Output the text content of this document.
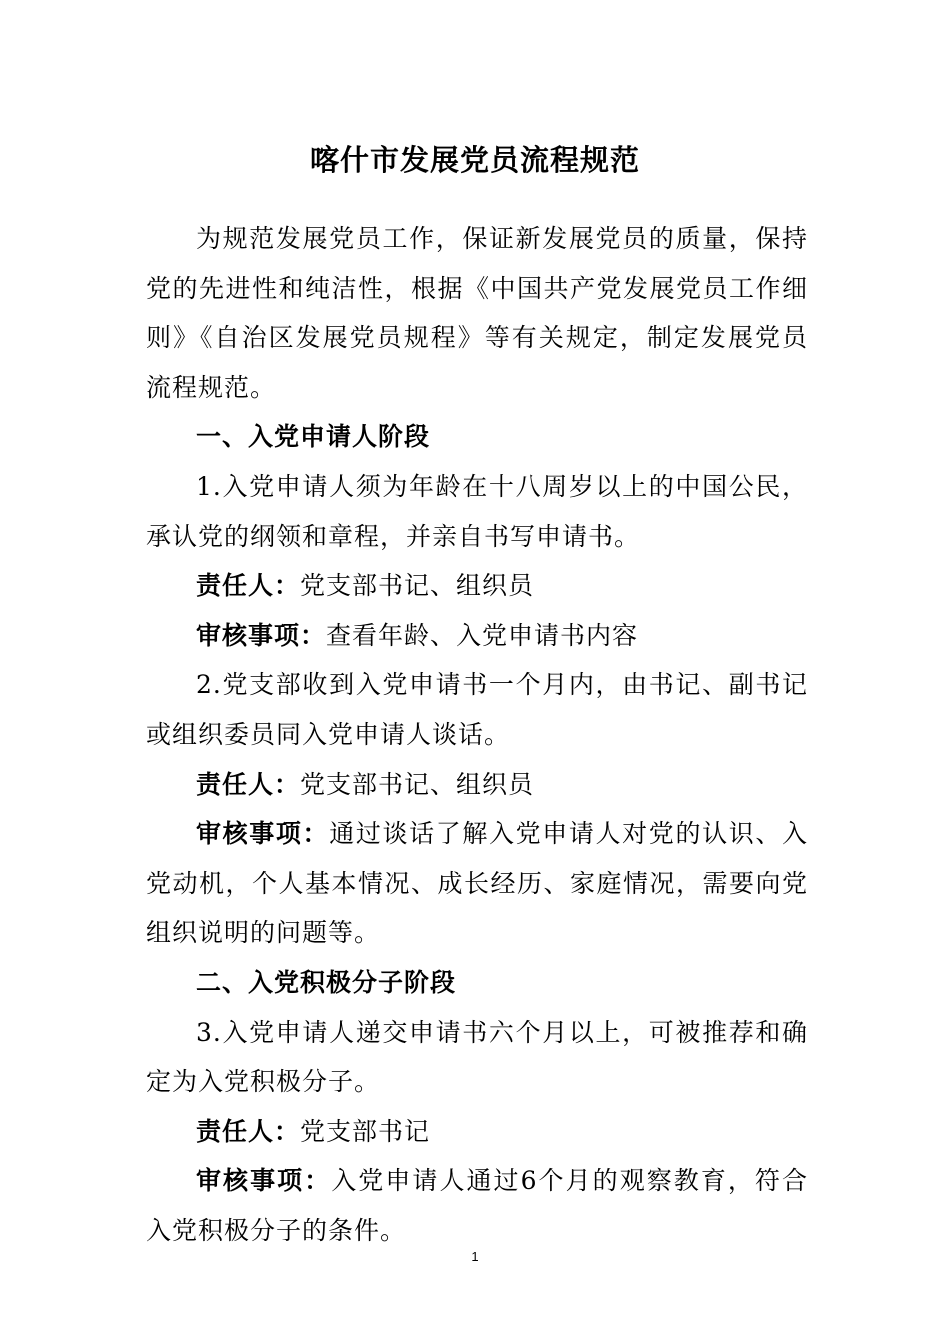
喀什市发展党员流程规范

为规范发展党员工作，保证新发展党员的质量，保持党的先进性和纯洁性，根据《中国共产党发展党员工作细则》《自治区发展党员规程》等有关规定，制定发展党员流程规范。

一、入党申请人阶段

1.入党申请人须为年龄在十八周岁以上的中国公民，承认党的纲领和章程，并亲自书写申请书。

责任人：党支部书记、组织员

审核事项：查看年龄、入党申请书内容

2.党支部收到入党申请书一个月内，由书记、副书记或组织委员同入党申请人谈话。

责任人：党支部书记、组织员

审核事项：通过谈话了解入党申请人对党的认识、入党动机，个人基本情况、成长经历、家庭情况，需要向党组织说明的问题等。

二、入党积极分子阶段

3.入党申请人递交申请书六个月以上，可被推荐和确定为入党积极分子。

责任人：党支部书记

审核事项：入党申请人通过6个月的观察教育，符合入党积极分子的条件。

1
